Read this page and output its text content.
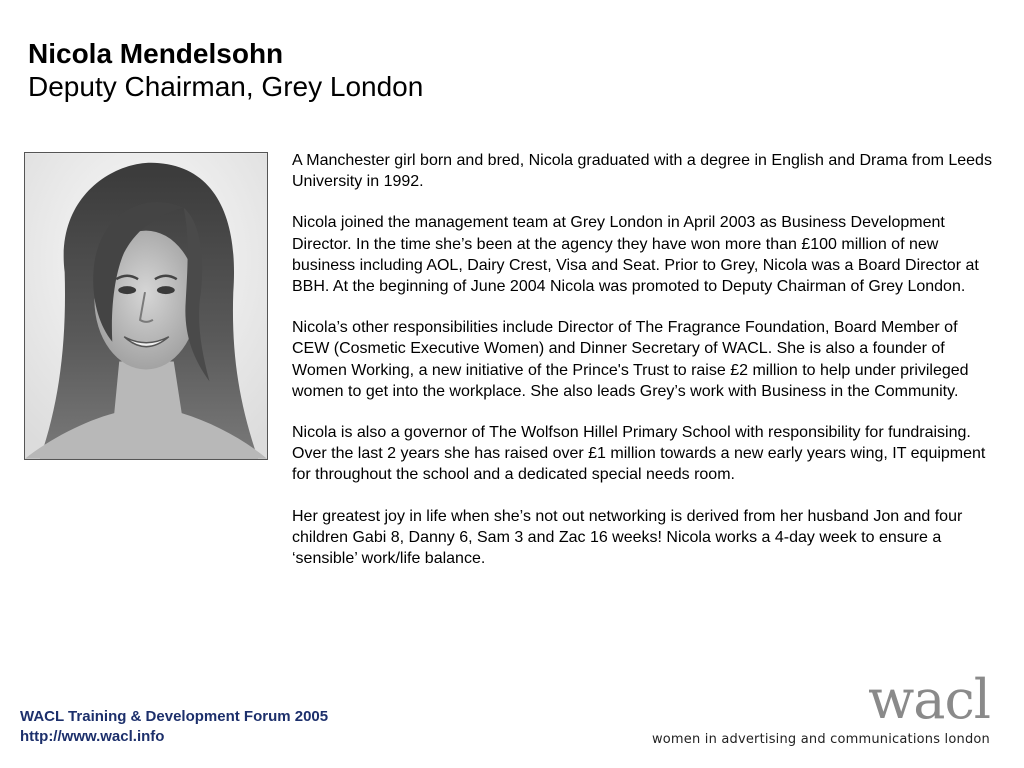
Nicola Mendelsohn
Deputy Chairman, Grey London

A Manchester girl born and bred, Nicola graduated with a degree in English and Drama from Leeds University in 1992.

Nicola joined the management team at Grey London in April 2003 as Business Development Director. In the time she’s been at the agency they have won more than £100 million of new business including AOL, Dairy Crest, Visa and Seat. Prior to Grey, Nicola was a Board Director at BBH. At the beginning of June 2004 Nicola was promoted to Deputy Chairman of Grey London.

Nicola’s other responsibilities include Director of The Fragrance Foundation, Board Member of CEW (Cosmetic Executive Women) and Dinner Secretary of WACL. She is also a founder of Women Working, a new initiative of the Prince's Trust to raise £2 million to help under privileged women to get into the workplace. She also leads Grey’s work with Business in the Community.

Nicola is also a governor of The Wolfson Hillel Primary School with responsibility for fundraising. Over the last 2 years she has raised over £1 million towards a new early years wing, IT equipment for throughout the school and a dedicated special needs room.

Her greatest joy in life when she’s not out networking is derived from her husband Jon and four children Gabi 8, Danny 6, Sam 3 and Zac 16 weeks! Nicola works a 4-day week to ensure a ‘sensible’ work/life balance.

WACL Training & Development Forum 2005
http://www.wacl.info
wacl
women in advertising and communications london
